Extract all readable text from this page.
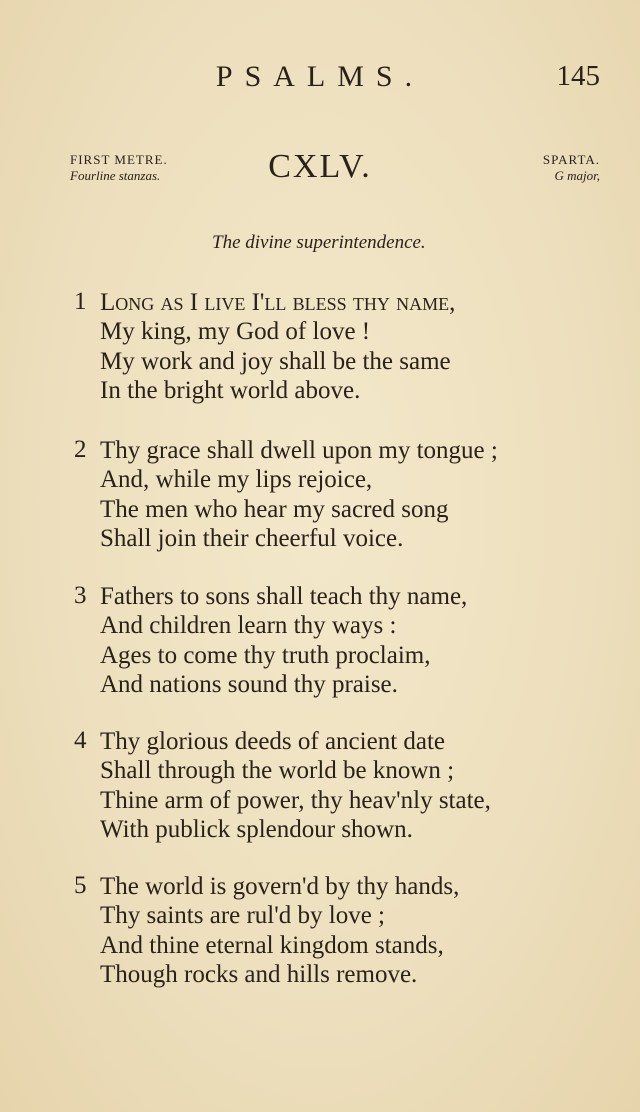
PSALMS.	145
FIRST METRE.
Fourline stanzas.	CXLV.	SPARTA.
G major,
The divine superintendence.
1 Long as I live I'll bless thy name,
My king, my God of love !
My work and joy shall be the same
In the bright world above.
2 Thy grace shall dwell upon my tongue ;
And, while my lips rejoice,
The men who hear my sacred song
Shall join their cheerful voice.
3 Fathers to sons shall teach thy name,
And children learn thy ways :
Ages to come thy truth proclaim,
And nations sound thy praise.
4 Thy glorious deeds of ancient date
Shall through the world be known ;
Thine arm of power, thy heav'nly state,
With publick splendour shown.
5 The world is govern'd by thy hands,
Thy saints are rul'd by love ;
And thine eternal kingdom stands,
Though rocks and hills remove.
